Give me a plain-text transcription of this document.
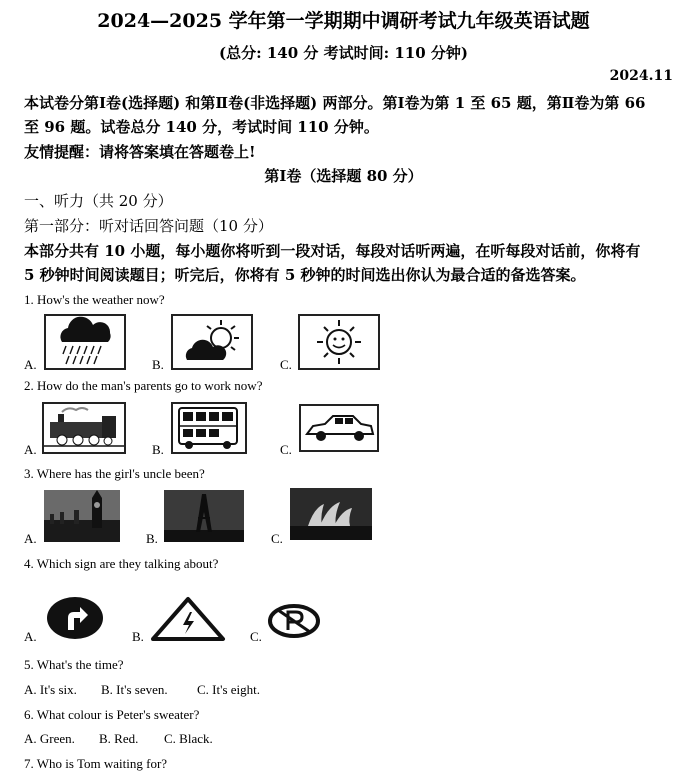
2024—2025 学年第一学期期中调研考试九年级英语试题
(总分: 140 分 考试时间: 110 分钟)
2024.11
本试卷分第Ⅰ卷(选择题) 和第Ⅱ卷(非选择题) 两部分。第Ⅰ卷为第 1 至 65 题，第Ⅱ卷为第 66
至 96 题。试卷总分 140 分，考试时间 110 分钟。
友情提醒：请将答案填在答题卷上!
第Ⅰ卷（选择题 80 分）
一、听力（共 20 分）
第一部分：听对话回答问题（10 分）
本部分共有 10 小题，每小题你将听到一段对话，每段对话听两遍，在听每段对话前，你将有
5 秒钟时间阅读题目；听完后，你将有 5 秒钟的时间选出你认为最合适的备选答案。
1. How's the weather now?
A.	B.	C.
2. How do the man's parents go to work now?
A.	B.	C.
3. Where has the girl's uncle been?
A.	B.	C.
4. Which sign are they talking about?
A.	B.	C.
5. What's the time?
A. It's six. B. It's seven. C. It's eight.
6. What colour is Peter's sweater?
A. Green. B. Red. C. Black.
7. Who is Tom waiting for?
